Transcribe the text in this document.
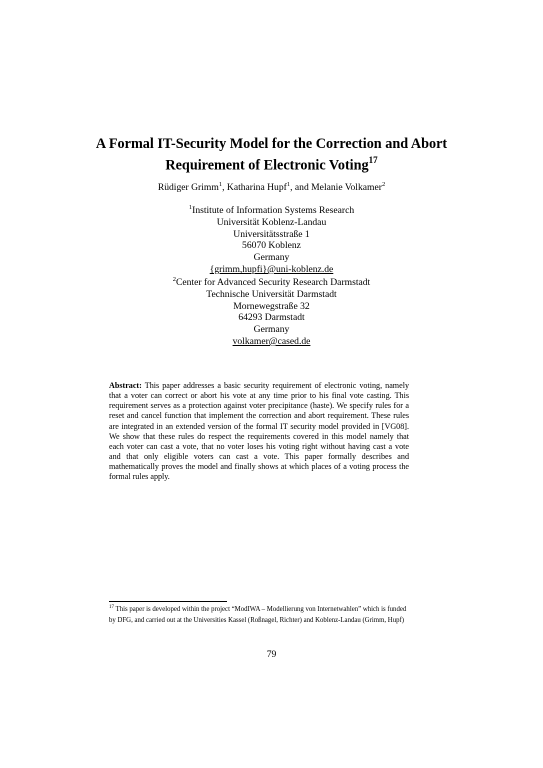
A Formal IT-Security Model for the Correction and Abort
Requirement of Electronic Voting$^{17}$
Rüdiger Grimm$^1$, Katharina Hupf$^1$, and Melanie Volkamer$^2$
$^1$Institute of Information Systems Research
Universität Koblenz-Landau
Universitätsstraße 1
56070 Koblenz
Germany
{grimm,hupfi}@uni-koblenz.de
$^2$Center for Advanced Security Research Darmstadt
Technische Universität Darmstadt
Mornewegstraße 32
64293 Darmstadt
Germany
volkamer@cased.de
Abstract: This paper addresses a basic security requirement of electronic voting, namely
that a voter can correct or abort his vote at any time prior to his final vote casting. This
requirement serves as a protection against voter precipitance (haste). We specify rules for a
reset and cancel function that implement the correction and abort requirement. These rules
are integrated in an extended version of the formal IT security model provided in [VG08].
We show that these rules do respect the requirements covered in this model namely that
each voter can cast a vote, that no voter loses his voting right without having cast a vote
and that only eligible voters can cast a vote. This paper formally describes and
mathematically proves the model and finally shows at which places of a voting process the
formal rules apply.
$^{17}$ This paper is developed within the project “ModIWA – Modellierung von Internetwahlen” which is funded
by DFG, and carried out at the Universities Kassel (Roßnagel, Richter) and Koblenz-Landau (Grimm, Hupf)
79
